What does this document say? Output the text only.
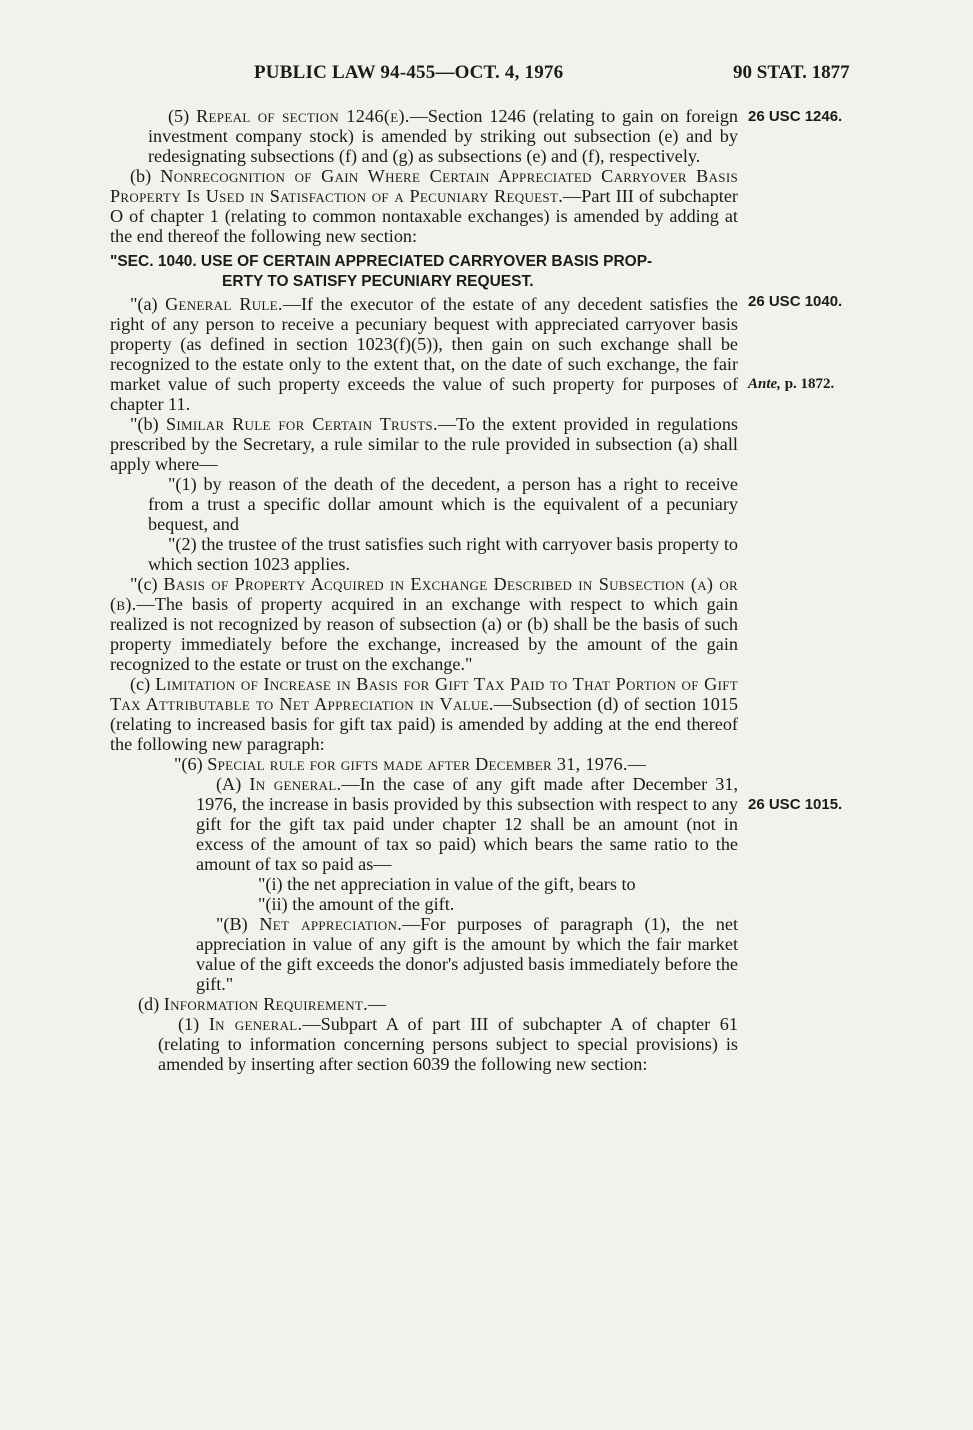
PUBLIC LAW 94-455—OCT. 4, 1976	90 STAT. 1877
26 USC 1246.
26 USC 1040.
Ante, p. 1872.
26 USC 1015.

(5) Repeal of section 1246(e).—Section 1246 (relating to gain on foreign investment company stock) is amended by striking out subsection (e) and by redesignating subsections (f) and (g) as subsections (e) and (f), respectively.

(b) Nonrecognition of Gain Where Certain Appreciated Carryover Basis Property Is Used in Satisfaction of a Pecuniary Request.—Part III of subchapter O of chapter 1 (relating to common nontaxable exchanges) is amended by adding at the end thereof the following new section:

"SEC. 1040. USE OF CERTAIN APPRECIATED CARRYOVER BASIS PROP-
ERTY TO SATISFY PECUNIARY REQUEST.

"(a) General Rule.—If the executor of the estate of any decedent satisfies the right of any person to receive a pecuniary bequest with appreciated carryover basis property (as defined in section 1023(f)(5)), then gain on such exchange shall be recognized to the estate only to the extent that, on the date of such exchange, the fair market value of such property exceeds the value of such property for purposes of chapter 11.

"(b) Similar Rule for Certain Trusts.—To the extent provided in regulations prescribed by the Secretary, a rule similar to the rule provided in subsection (a) shall apply where—

"(1) by reason of the death of the decedent, a person has a right to receive from a trust a specific dollar amount which is the equivalent of a pecuniary bequest, and

"(2) the trustee of the trust satisfies such right with carryover basis property to which section 1023 applies.

"(c) Basis of Property Acquired in Exchange Described in Subsection (a) or (b).—The basis of property acquired in an exchange with respect to which gain realized is not recognized by reason of subsection (a) or (b) shall be the basis of such property immediately before the exchange, increased by the amount of the gain recognized to the estate or trust on the exchange."

(c) Limitation of Increase in Basis for Gift Tax Paid to That Portion of Gift Tax Attributable to Net Appreciation in Value.—Subsection (d) of section 1015 (relating to increased basis for gift tax paid) is amended by adding at the end thereof the following new paragraph:

"(6) Special rule for gifts made after December 31, 1976.—

(A) In general.—In the case of any gift made after December 31, 1976, the increase in basis provided by this subsection with respect to any gift for the gift tax paid under chapter 12 shall be an amount (not in excess of the amount of tax so paid) which bears the same ratio to the amount of tax so paid as—

"(i) the net appreciation in value of the gift, bears to

"(ii) the amount of the gift.

"(B) Net appreciation.—For purposes of paragraph (1), the net appreciation in value of any gift is the amount by which the fair market value of the gift exceeds the donor's adjusted basis immediately before the gift."

(d) Information Requirement.—

(1) In general.—Subpart A of part III of subchapter A of chapter 61 (relating to information concerning persons subject to special provisions) is amended by inserting after section 6039 the following new section:
